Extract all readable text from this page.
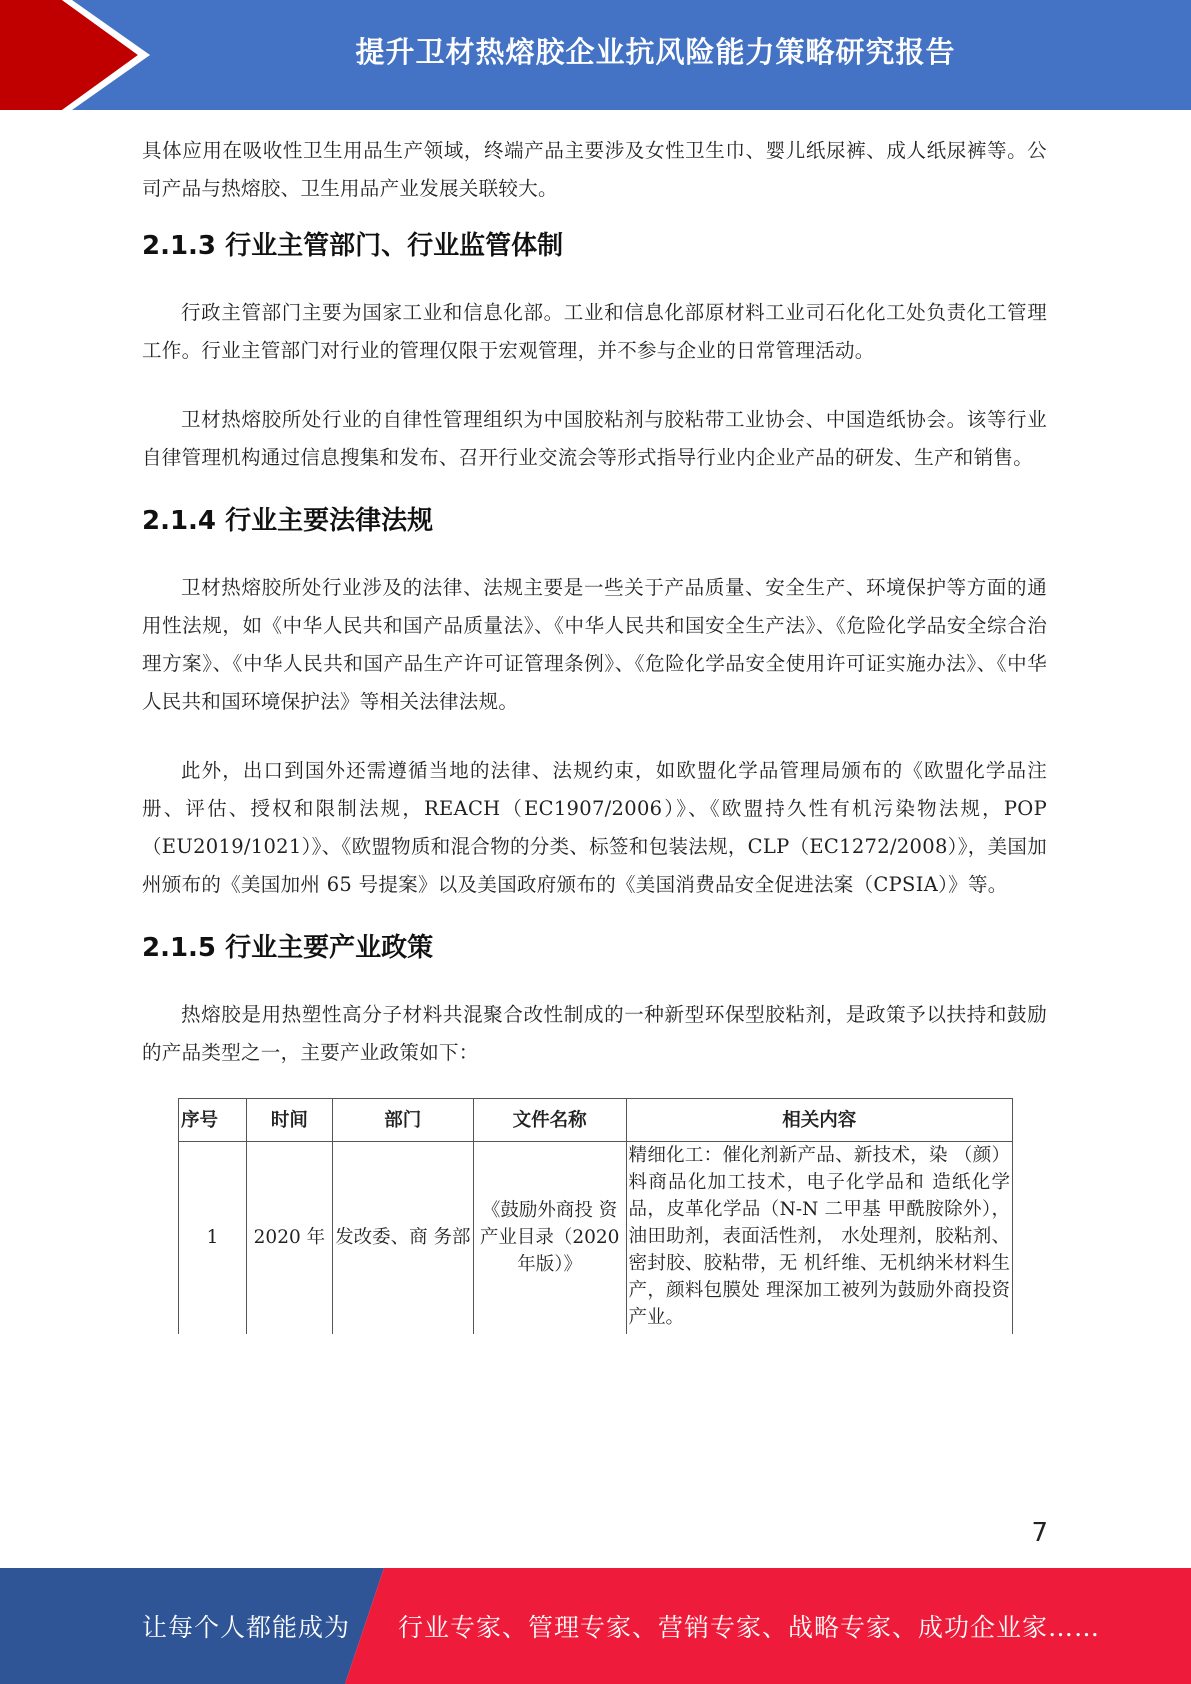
提升卫材热熔胶企业抗风险能力策略研究报告

具体应用在吸收性卫生用品生产领域，终端产品主要涉及女性卫生巾、婴儿纸尿裤、成人纸尿裤等。公司产品与热熔胶、卫生用品产业发展关联较大。

2.1.3 行业主管部门、行业监管体制

行政主管部门主要为国家工业和信息化部。工业和信息化部原材料工业司石化化工处负责化工管理工作。行业主管部门对行业的管理仅限于宏观管理，并不参与企业的日常管理活动。

卫材热熔胶所处行业的自律性管理组织为中国胶粘剂与胶粘带工业协会、中国造纸协会。该等行业自律管理机构通过信息搜集和发布、召开行业交流会等形式指导行业内企业产品的研发、生产和销售。

2.1.4 行业主要法律法规

卫材热熔胶所处行业涉及的法律、法规主要是一些关于产品质量、安全生产、环境保护等方面的通用性法规，如《中华人民共和国产品质量法》、《中华人民共和国安全生产法》、《危险化学品安全综合治理方案》、《中华人民共和国产品生产许可证管理条例》、《危险化学品安全使用许可证实施办法》、《中华人民共和国环境保护法》等相关法律法规。

此外，出口到国外还需遵循当地的法律、法规约束，如欧盟化学品管理局颁布的《欧盟化学品注册、评估、授权和限制法规，REACH（EC1907/2006）》、《欧盟持久性有机污染物法规，POP（EU2019/1021）》、《欧盟物质和混合物的分类、标签和包装法规，CLP（EC1272/2008）》，美国加州颁布的《美国加州 65 号提案》以及美国政府颁布的《美国消费品安全促进法案（CPSIA）》等。

2.1.5 行业主要产业政策

热熔胶是用热塑性高分子材料共混聚合改性制成的一种新型环保型胶粘剂，是政策予以扶持和鼓励的产品类型之一，主要产业政策如下：

序号	时间	部门	文件名称	相关内容
1	2020 年	发改委、商 务部	《鼓励外商投 资产业目录（2020 年版）》	精细化工：催化剂新产品、新技术，染 （颜）料商品化加工技术，电子化学品和 造纸化学品，皮革化学品（N-N 二甲基 甲酰胺除外），油田助剂，表面活性剂， 水处理剂，胶粘剂、密封胶、胶粘带，无 机纤维、无机纳米材料生产，颜料包膜处 理深加工被列为鼓励外商投资产业。
7
让每个人都能成为 行业专家、管理专家、营销专家、战略专家、成功企业家……
